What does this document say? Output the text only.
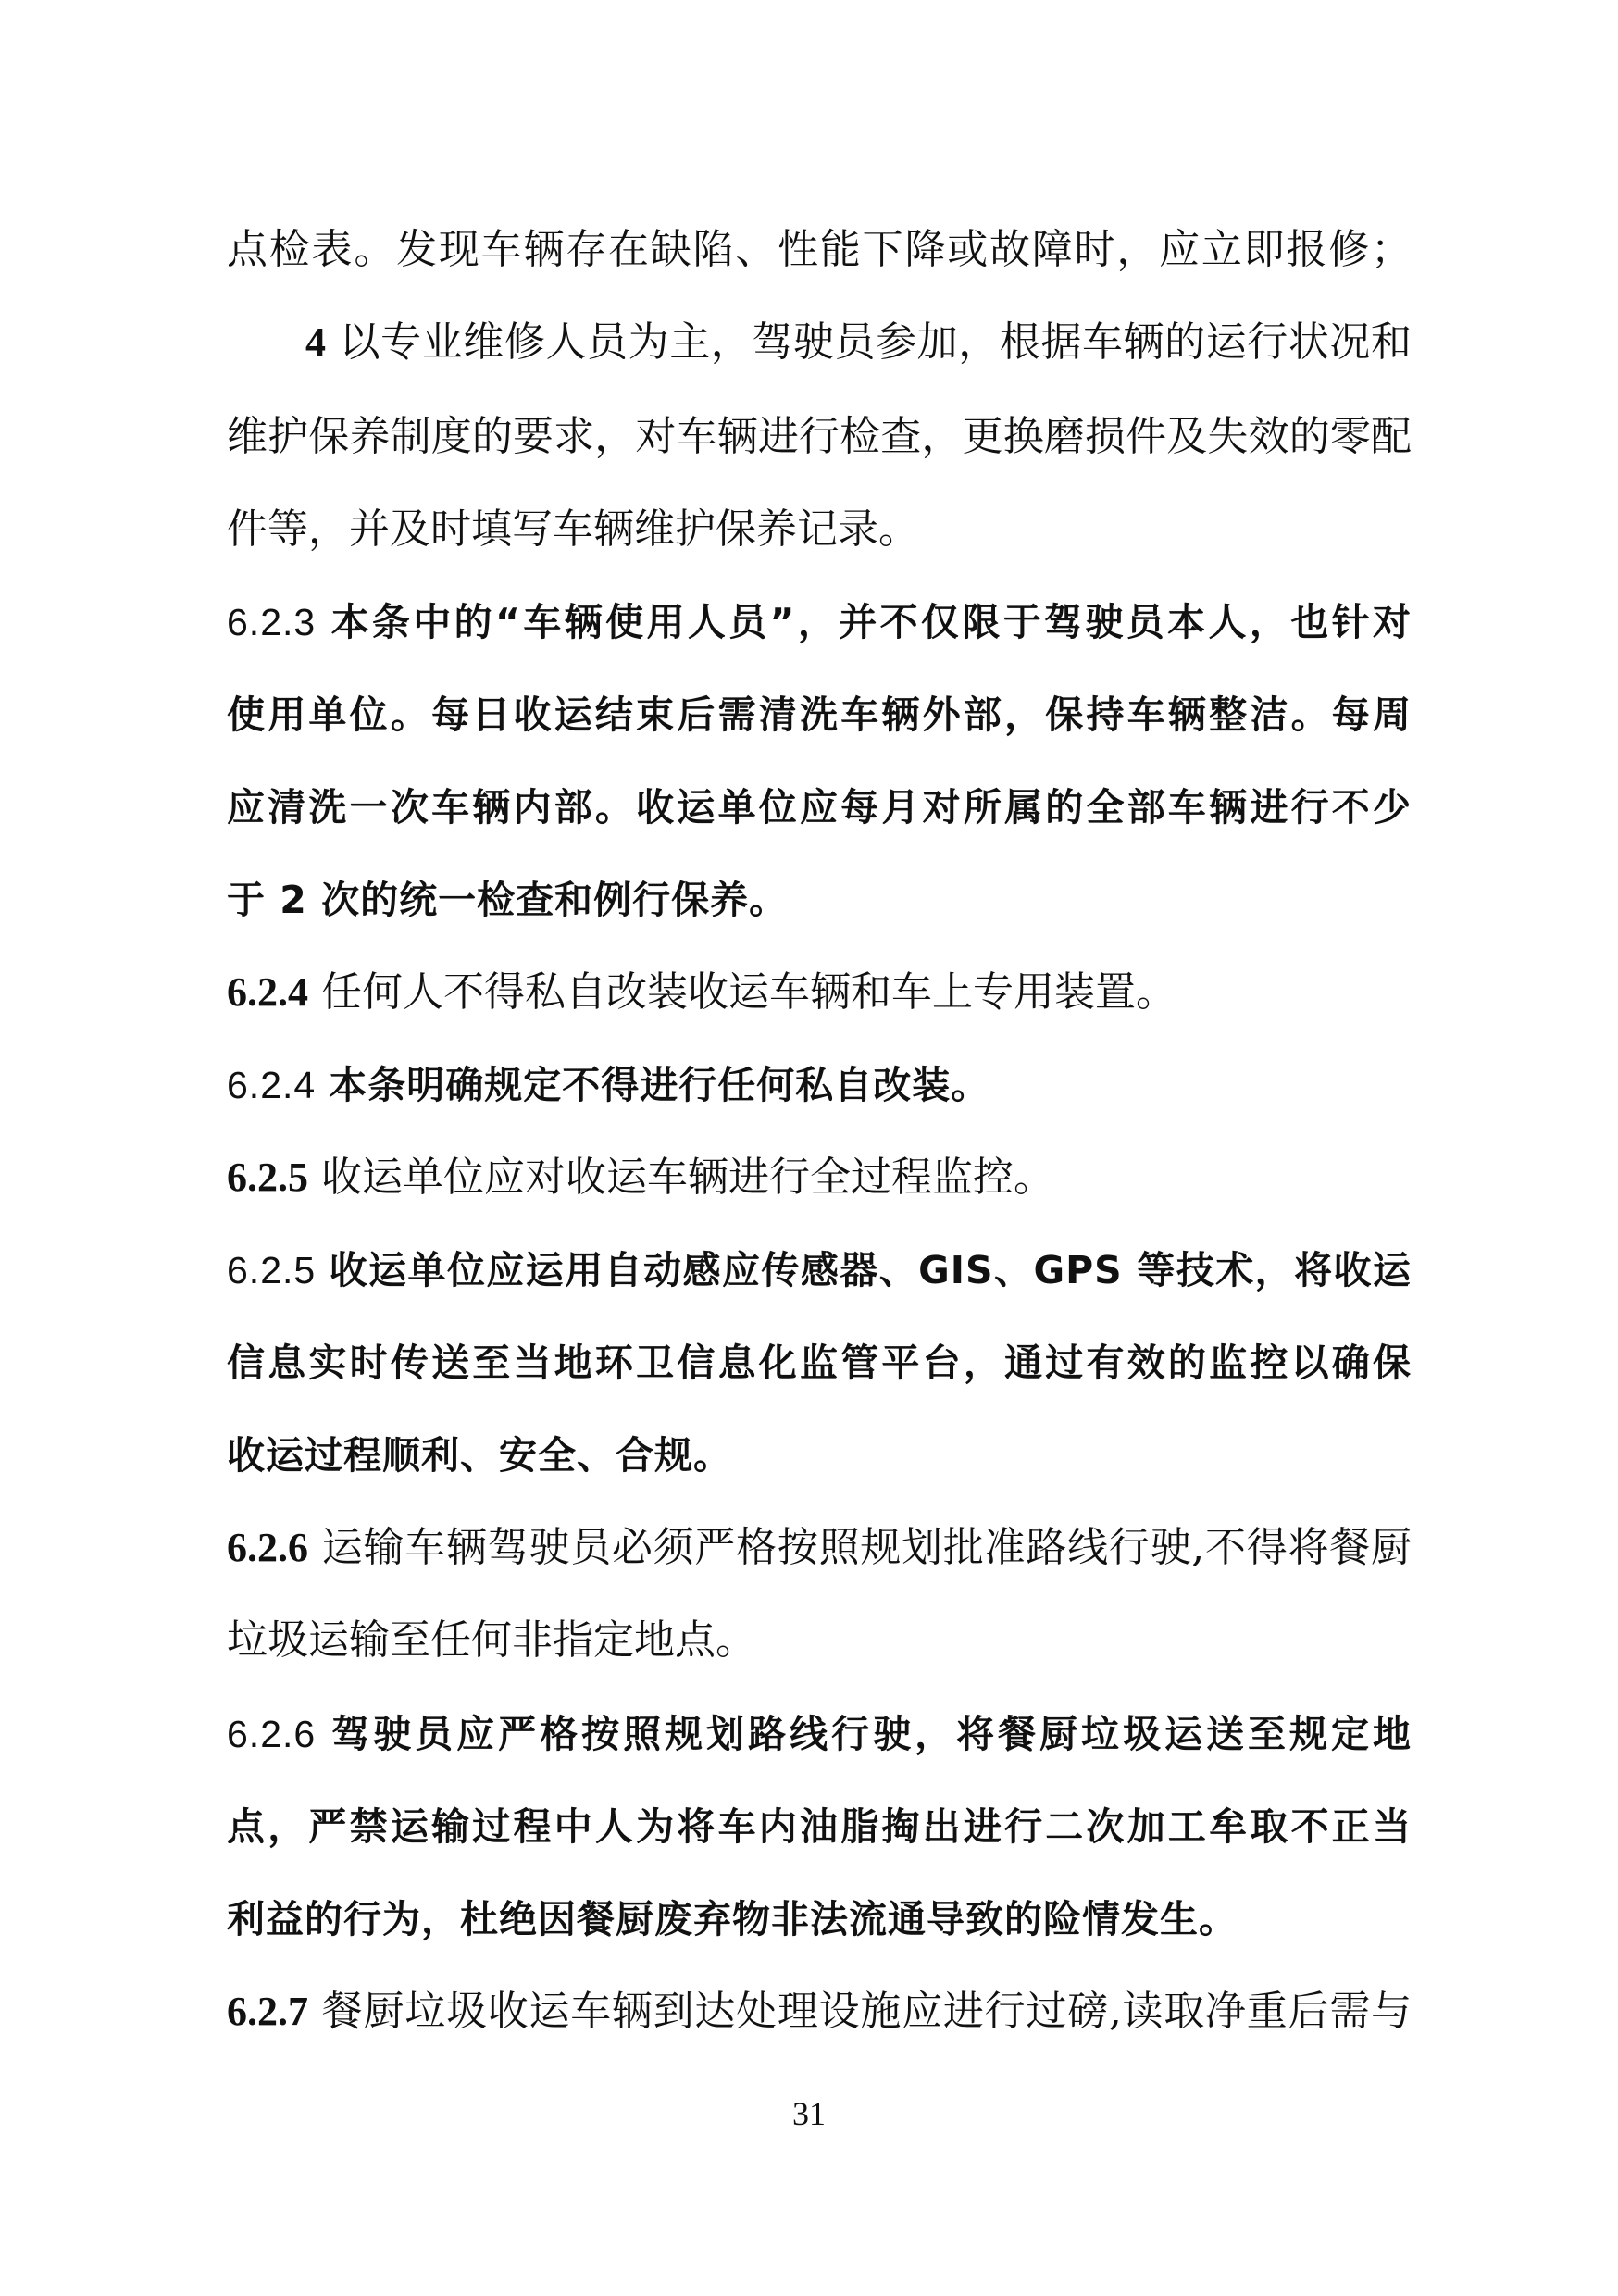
点检表。发现车辆存在缺陷、性能下降或故障时，应立即报修；
4 以专业维修人员为主，驾驶员参加，根据车辆的运行状况和
维护保养制度的要求，对车辆进行检查，更换磨损件及失效的零配
件等，并及时填写车辆维护保养记录。
6.2.3 本条中的“车辆使用人员”，并不仅限于驾驶员本人，也针对
使用单位。每日收运结束后需清洗车辆外部，保持车辆整洁。每周
应清洗一次车辆内部。收运单位应每月对所属的全部车辆进行不少
于 2 次的统一检查和例行保养。
6.2.4 任何人不得私自改装收运车辆和车上专用装置。
6.2.4 本条明确规定不得进行任何私自改装。
6.2.5 收运单位应对收运车辆进行全过程监控。
6.2.5 收运单位应运用自动感应传感器、GIS、GPS 等技术，将收运
信息实时传送至当地环卫信息化监管平台，通过有效的监控以确保
收运过程顺利、安全、合规。
6.2.6 运输车辆驾驶员必须严格按照规划批准路线行驶,不得将餐厨
垃圾运输至任何非指定地点。
6.2.6 驾驶员应严格按照规划路线行驶，将餐厨垃圾运送至规定地
点，严禁运输过程中人为将车内油脂掏出进行二次加工牟取不正当
利益的行为，杜绝因餐厨废弃物非法流通导致的险情发生。
6.2.7 餐厨垃圾收运车辆到达处理设施应进行过磅,读取净重后需与
31
